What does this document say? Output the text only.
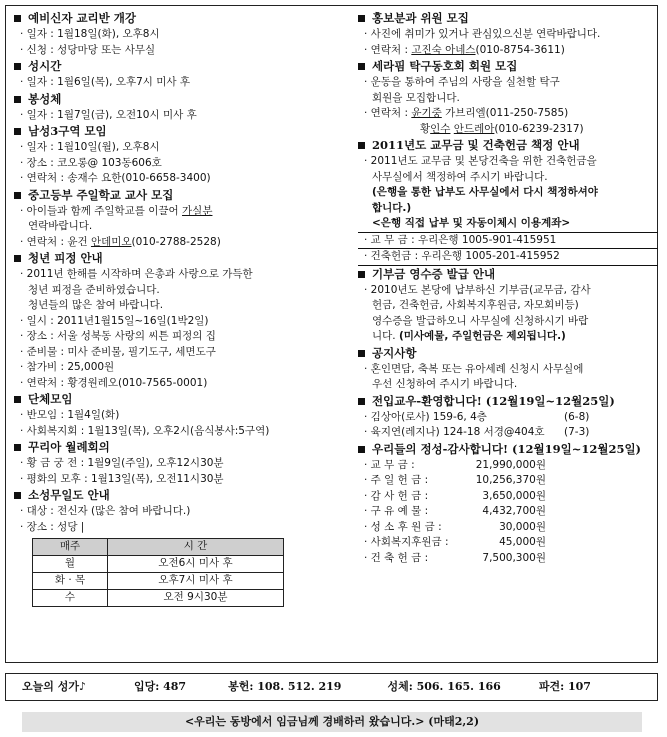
예비신자 교리반 개강
· 일자 : 1월18일(화), 오후8시
· 신청 : 성당마당 또는 사무실
성시간
· 일자 : 1월6일(목), 오후7시 미사 후
봉성체
· 일자 : 1월7일(금), 오전10시 미사 후
남성3구역 모임
· 일자 : 1월10일(월), 오후8시
· 장소 : 코오롱@ 103동606호
· 연락처 : 송재수 요한(010-6658-3400)
중고등부 주일학교 교사 모집
· 아이들과 함께 주일학교를 이끌어 가실분
연락바랍니다.
· 연락처 : 윤건 안데미오(010-2788-2528)
청년 피정 안내
· 2011년 한해를 시작하며 은총과 사랑으로 가득한
청년 피정을 준비하였습니다.
청년들의 많은 참여 바랍니다.
· 일시 : 2011년1월15일~16일(1박2일)
· 장소 : 서울 성북동 사랑의 씨튼 피정의 집
· 준비물 : 미사 준비물, 필기도구, 세면도구
· 참가비 : 25,000원
· 연락처 : 황경원레오(010-7565-0001)
단체모임
· 반모임 : 1월4일(화)
· 사회복지회 : 1월13일(목), 오후2시(음식봉사:5구역)
꾸리아 월례회의
· 황 금 궁 전 : 1월9일(주일), 오후12시30분
· 평화의 모후 : 1월13일(목), 오전11시30분
소성무일도 안내
· 대상 : 전신자 (많은 참여 바랍니다.)
· 장소 : 성당 |
매주	시 간
월	오전6시 미사 후
화 · 목	오후7시 미사 후
수	오전 9시30분
홍보분과 위원 모집
· 사진에 취미가 있거나 관심있으신분 연락바랍니다.
· 연락처 : 고진숙 아네스(010-8754-3611)
세라핌 탁구동호회 회원 모집
· 운동을 통하여 주님의 사랑을 실천할 탁구
회원을 모집합니다.
· 연락처 : 윤기중 가브리엘(011-250-7585)
황인수 안드레아(010-6239-2317)
2011년도 교무금 및 건축헌금 책정 안내
· 2011년도 교무금 및 본당건축을 위한 건축헌금을
사무실에서 책정하여 주시기 바랍니다.
(은행을 통한 납부도 사무실에서 다시 책정하셔야
합니다.)
<은행 직접 납부 및 자동이체시 이용계좌>
· 교 무 금 : 우리은행 1005-901-415951
· 건축헌금 : 우리은행 1005-201-415952
기부금 영수증 발급 안내
· 2010년도 본당에 납부하신 기부금(교무금, 감사
헌금, 건축헌금, 사회복지후원금, 자모회비등)
영수증을 발급하오니 사무실에 신청하시기 바랍
니다. (미사예물, 주일헌금은 제외됩니다.)
공지사항
· 혼인면담, 축복 또는 유아세례 신청시 사무실에
우선 신청하여 주시기 바랍니다.
전입교우-환영합니다! (12월19일~12월25일)
· 김상아(로사) 159-6, 4층	(6-8)
· 육지연(레지나) 124-18 서경@404호	(7-3)
우리들의 정성-감사합니다! (12월19일~12월25일)
· 교 무 금 :	21,990,000원
· 주 일 헌 금 :	10,256,370원
· 감 사 헌 금 :	3,650,000원
· 구 유 예 물 :	4,432,700원
· 성 소 후 원 금 :	30,000원
· 사회복지후원금 :	45,000원
· 건 축 헌 금 :	7,500,300원
오늘의 성가♪	입당: 487	봉헌: 108. 512. 219	성체: 506. 165. 166	파견: 107
<우리는 동방에서 임금님께 경배하러 왔습니다.> (마태2,2)
